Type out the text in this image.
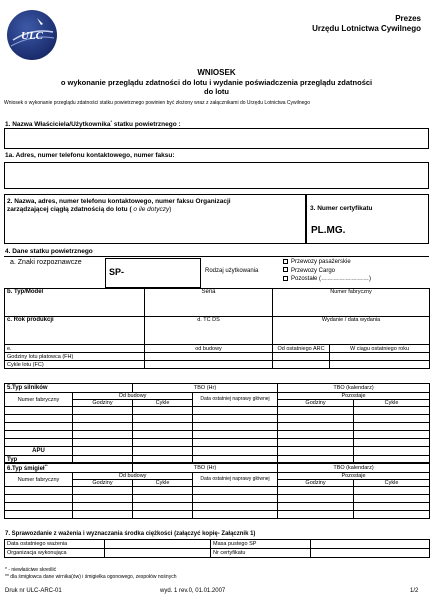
ULC
Prezes
Urzędu Lotnictwa Cywilnego
WNIOSEK
o wykonanie przeglądu zdatności do lotu i wydanie poświadczenia przeglądu zdatności
do lotu
Wniosek o wykonanie przeglądu zdatności statku powietrznego powinien być złożony wraz z załącznikami do Urzędu Lotnictwa Cywilnego
1. Nazwa Właściciela/Użytkownika* statku powietrznego :
1a. Adres, numer telefonu kontaktowego, numer faksu:
2. Nazwa, adres, numer telefonu kontaktowego, numer faksu Organizacji
zarządzającej ciągłą zdatnością do lotu ( o ile dotyczy)	3. Numer certyfikatu
PL.MG.
4. Dane statku powietrznego
a. Znaki rozpoznawcze
SP-	Rodzaj użytkowania
Przewozy pasażerskie
Przewozy Cargo
Pozostałe (……………………)
b. Typ/Model	Seria	Numer fabryczny	
c. Rok produkcji	d. TC DS	Wydanie / data wydania	
e.	od budowy	Od ostatniego ARC	W ciągu ostatniego roku
Godziny lotu płatowca (FH)			
Cykle lotu (FC)			
5.Typ silników		TBO (Hr)		TBO (kalendarz)	
Numer fabryczny	Od budowy		Data ostatniej naprawy głównej	Pozostaje	
	Godziny	Cykle		Godziny	Cykle

APU					
Typ					
6.Typ śmigieł**		TBO (Hr)		TBO (kalendarz)	
Numer fabryczny	Od budowy		Data ostatniej naprawy głównej	Pozostaje	
	Godziny	Cykle		Godziny	Cykle

7. Sprawozdanie z ważenia i wyznaczania środka ciężkości (załączyć kopię- Załącznik 1)
Data ostatniego ważenia		Masa pustego SP	
Organizacja wykonująca		Nr certyfikatu	
* - niewłaściwe skreślić
** dla śmigłowca dane wirnika(ów) i śmigiełka ogonowego, zespołów nośnych
Druk nr ULC-ARC-01	wyd. 1 rev.0, 01.01.2007	1/2
